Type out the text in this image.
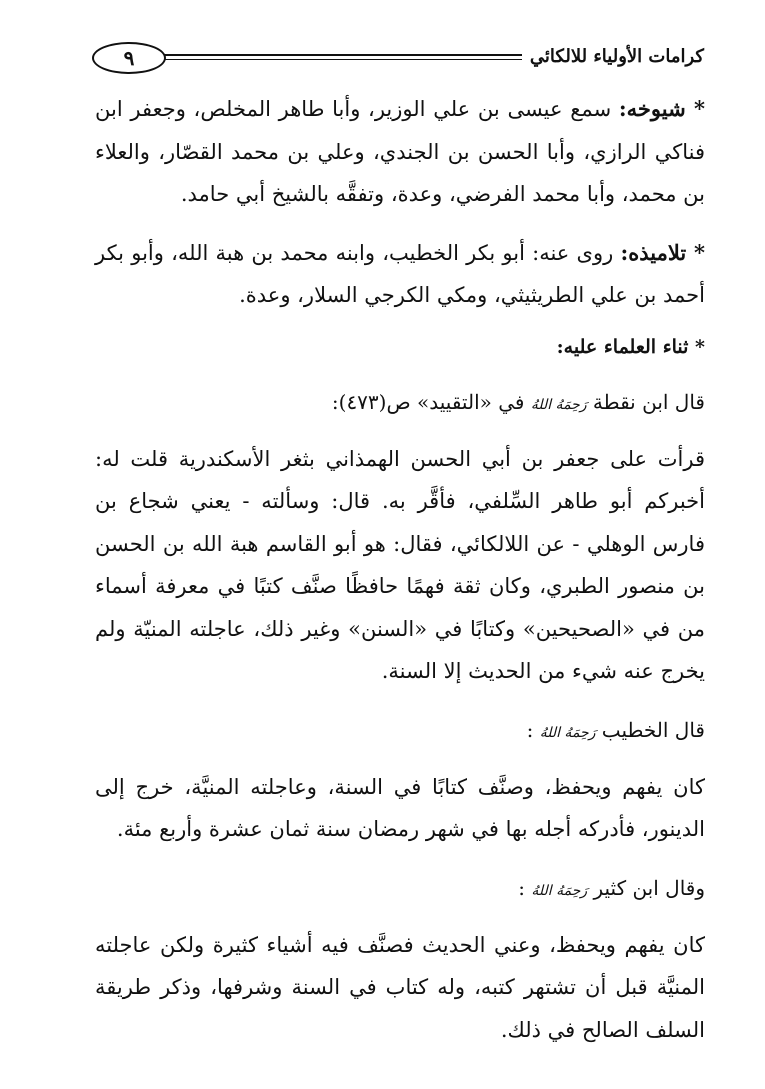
٩	كرامات الأولياء للالكائي

* شيوخه: سمع عيسى بن علي الوزير، وأبا طاهر المخلص، وجعفر ابن فناكي الرازي، وأبا الحسن بن الجندي، وعلي بن محمد القصّار، والعلاء بن محمد، وأبا محمد الفرضي، وعدة، وتفقَّه بالشيخ أبي حامد.

* تلاميذه: روى عنه: أبو بكر الخطيب، وابنه محمد بن هبة الله، وأبو بكر أحمد بن علي الطريثيثي، ومكي الكرجي السلار، وعدة.

* ثناء العلماء عليه:

قال ابن نقطة رَحِمَهُ اللهُ في «التقييد» ص(٤٧٣):

قرأت على جعفر بن أبي الحسن الهمذاني بثغر الأسكندرية قلت له: أخبركم أبو طاهر السِّلفي، فأقَّر به. قال: وسألته - يعني شجاع بن فارس الوهلي - عن اللالكائي، فقال: هو أبو القاسم هبة الله بن الحسن بن منصور الطبري، وكان ثقة فهمًا حافظًا صنَّف كتبًا في معرفة أسماء من في «الصحيحين» وكتابًا في «السنن» وغير ذلك، عاجلته المنيّة ولم يخرج عنه شيء من الحديث إلا السنة.

قال الخطيب رَحِمَهُ اللهُ :

كان يفهم ويحفظ، وصنَّف كتابًا في السنة، وعاجلته المنيَّة، خرج إلى الدينور، فأدركه أجله بها في شهر رمضان سنة ثمان عشرة وأربع مئة.

وقال ابن كثير رَحِمَهُ اللهُ :

كان يفهم ويحفظ، وعني الحديث فصنَّف فيه أشياء كثيرة ولكن عاجلته المنيَّة قبل أن تشتهر كتبه، وله كتاب في السنة وشرفها، وذكر طريقة السلف الصالح في ذلك.
